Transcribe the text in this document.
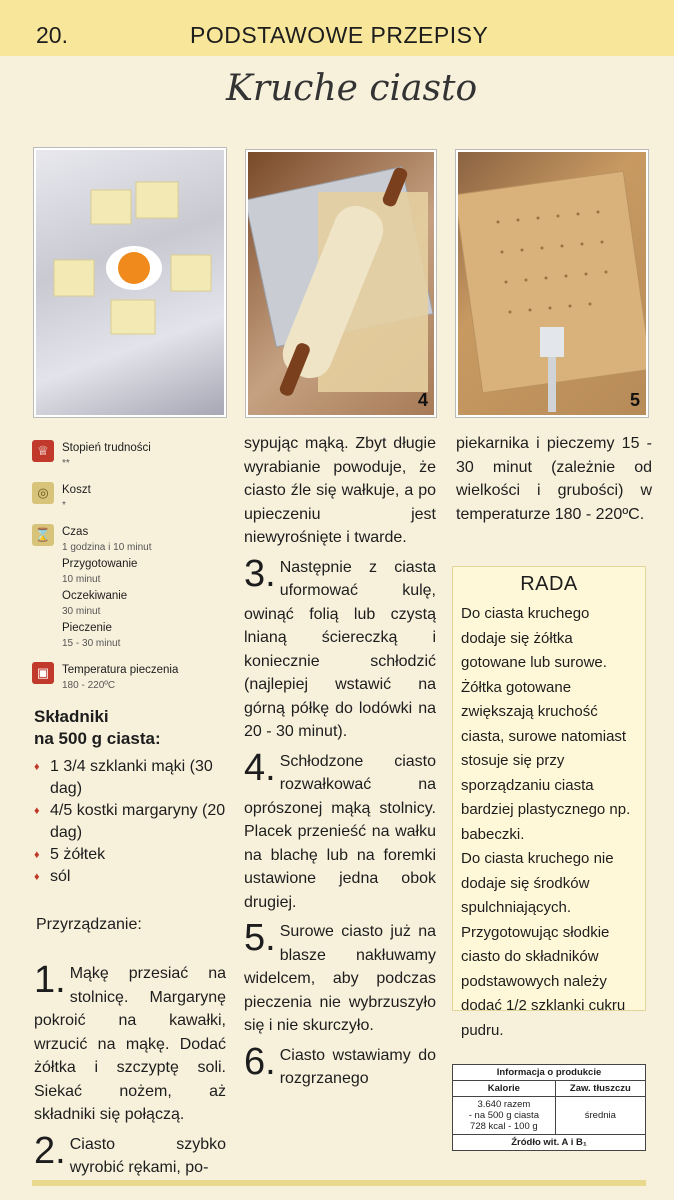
20.	PODSTAWOWE PRZEPISY
Kruche ciasto
4	5
♕	Stopień trudności
**
◎	Koszt
*
⌛ Czas
1 godzina i 10 minut
Przygotowanie
10 minut
Oczekiwanie
30 minut
Pieczenie
15 - 30 minut
▣	Temperatura pieczenia
180 - 220ºC
Składniki
na 500 g ciasta:
♦ 1 3/4 szklanki mąki (30 dag)
♦ 4/5 kostki margaryny (20 dag)
♦ 5 żółtek
♦ sól
Przyrządzanie:

1. Mąkę przesiać na stolnicę. Margarynę pokroić na kawałki, wrzucić na mąkę. Dodać żółtka i szczyptę soli. Siekać nożem, aż składniki się połączą.

2. Ciasto szybko wyrobić rękami, po-

sypując mąką. Zbyt długie wyrabianie powoduje, że ciasto źle się wałkuje, a po upieczeniu jest niewyrośnięte i twarde.

3. Następnie z ciasta uformować kulę, owinąć folią lub czystą lnianą ściereczką i koniecznie schłodzić (najlepiej wstawić na górną półkę do lodówki na 20 - 30 minut).

4. Schłodzone ciasto rozwałkować na oprószonej mąką stolnicy. Placek przenieść na wałku na blachę lub na foremki ustawione jedna obok drugiej.

5. Surowe ciasto już na blasze nakłuwamy widelcem, aby podczas pieczenia nie wybrzuszyło się i nie skurczyło.

6. Ciasto wstawiamy do rozgrzanego

piekarnika i pieczemy 15 - 30 minut (zależnie od wielkości i grubości) w temperaturze 180 - 220ºC.

RADA

Do ciasta kruchego dodaje się żółtka gotowane lub surowe. Żółtka gotowane zwiększają kruchość ciasta, surowe natomiast stosuje się przy sporządzaniu ciasta bardziej plastycznego np. babeczki.

Do ciasta kruchego nie dodaje się środków spulchniających.

Przygotowując słodkie ciasto do składników podstawowych należy dodać 1/2 szklanki cukru pudru.

Informacja o produkcie	
Kalorie	Zaw. tłuszczu

3.640 razem
- na 500 g ciasta
728 kcal - 100 g	średnia
Źródło wit. A i B₁	
